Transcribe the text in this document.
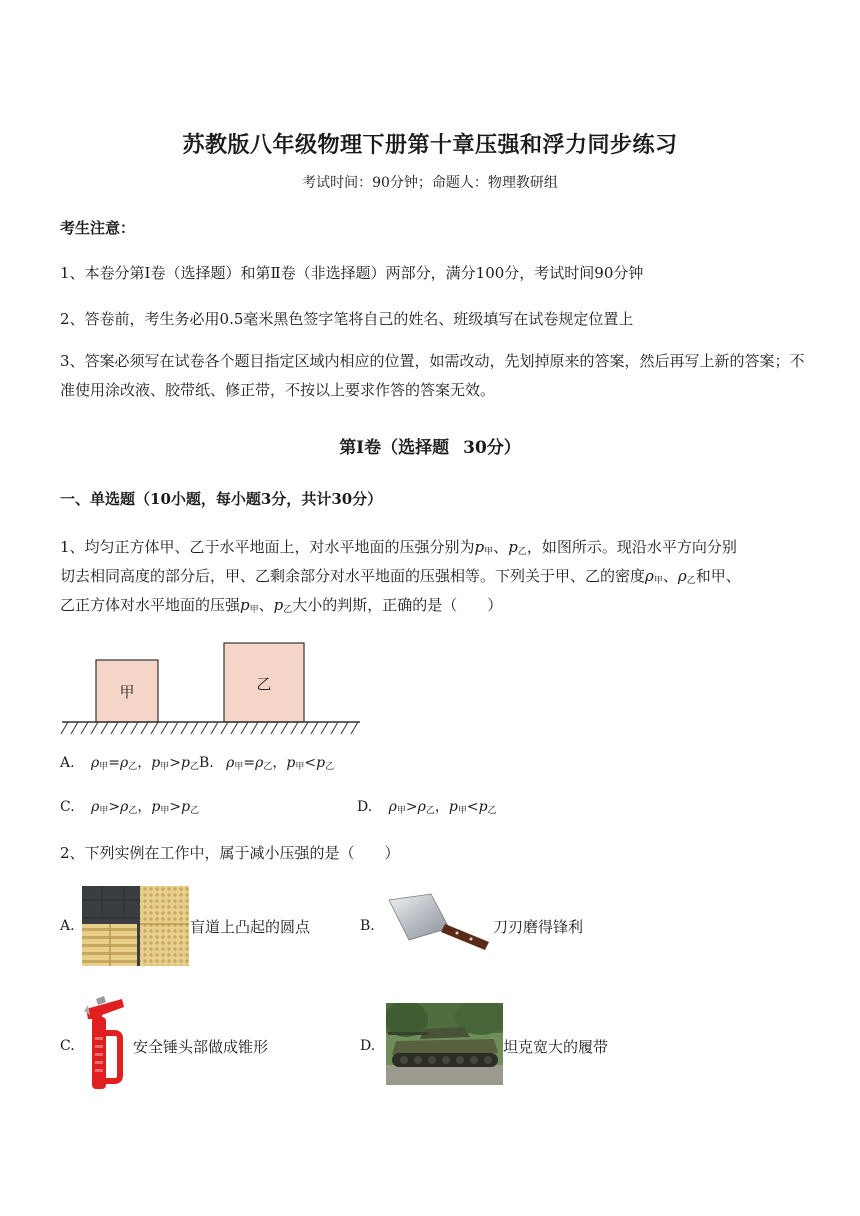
苏教版八年级物理下册第十章压强和浮力同步练习
考试时间：90分钟；命题人：物理教研组
考生注意：
1、本卷分第I卷（选择题）和第Ⅱ卷（非选择题）两部分，满分100分，考试时间90分钟
2、答卷前，考生务必用0.5毫米黑色签字笔将自己的姓名、班级填写在试卷规定位置上
3、答案必须写在试卷各个题目指定区域内相应的位置，如需改动，先划掉原来的答案，然后再写上新的答案；不准使用涂改液、胶带纸、修正带，不按以上要求作答的答案无效。
第I卷（选择题 30分）
一、单选题（10小题，每小题3分，共计30分）
1、均匀正方体甲、乙于水平地面上，对水平地面的压强分别为$p_甲$、$p_乙$，如图所示。现沿水平方向分别
切去相同高度的部分后，甲、乙剩余部分对水平地面的压强相等。下列关于甲、乙的密度$\rho_甲$、$\rho_乙$和甲、
乙正方体对水平地面的压强$p_甲$、$p_乙$大小的判斯，正确的是（　　）
甲	乙
A. $\rho_甲=\rho_乙$，$p_甲>p_乙B$. $\rho_甲=\rho_乙$，$p_甲<p_乙$
C. $\rho_甲>\rho_乙$，$p_甲>p_乙$	D. $\rho_甲>\rho_乙$，$p_甲<p_乙$
2、下列实例在工作中，属于减小压强的是（　　）
A.	盲道上凸起的圆点	B.	刀刃磨得锋利
C.	安全锤头部做成锥形	D.	坦克宽大的履带
